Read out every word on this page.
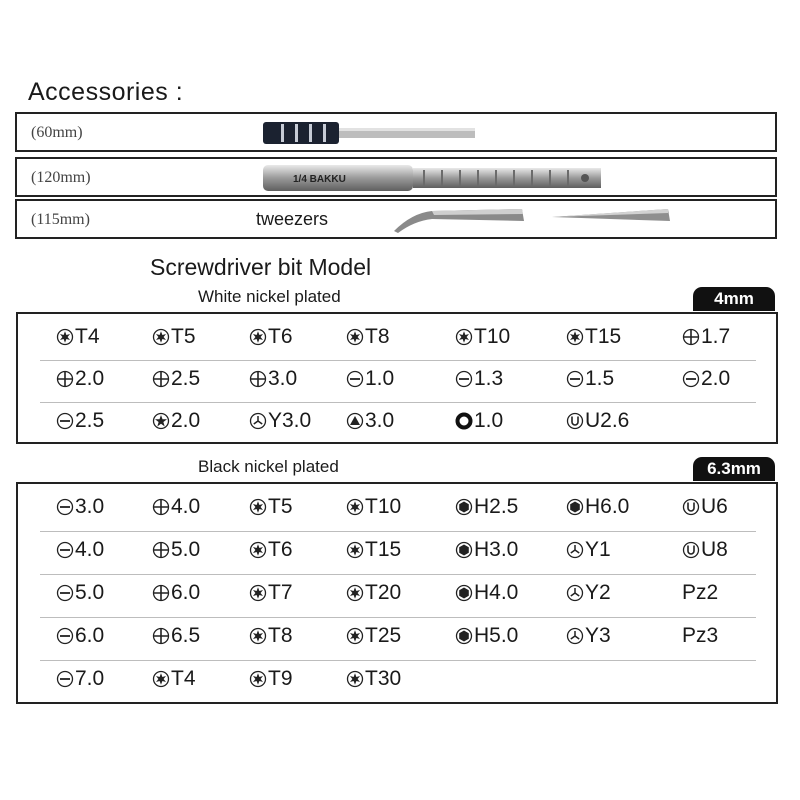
Accessories :
(60mm)
(120mm)	1/4 BAKKU
(115mm)	tweezers
Screwdriver bit Model
White nickel plated	4mm
T4	T5	T6	T8	T10	T15	1.7
2.0	2.5	3.0	1.0	1.3	1.5	2.0
2.5	2.0	Y3.0	3.0	1.0	U2.6
Black nickel plated	6.3mm
3.0	4.0	T5	T10	H2.5	H6.0	U6
4.0	5.0	T6	T15	H3.0	Y1	U8
5.0	6.0	T7	T20	H4.0	Y2	Pz2
6.0	6.5	T8	T25	H5.0	Y3	Pz3
7.0	T4	T9	T30
